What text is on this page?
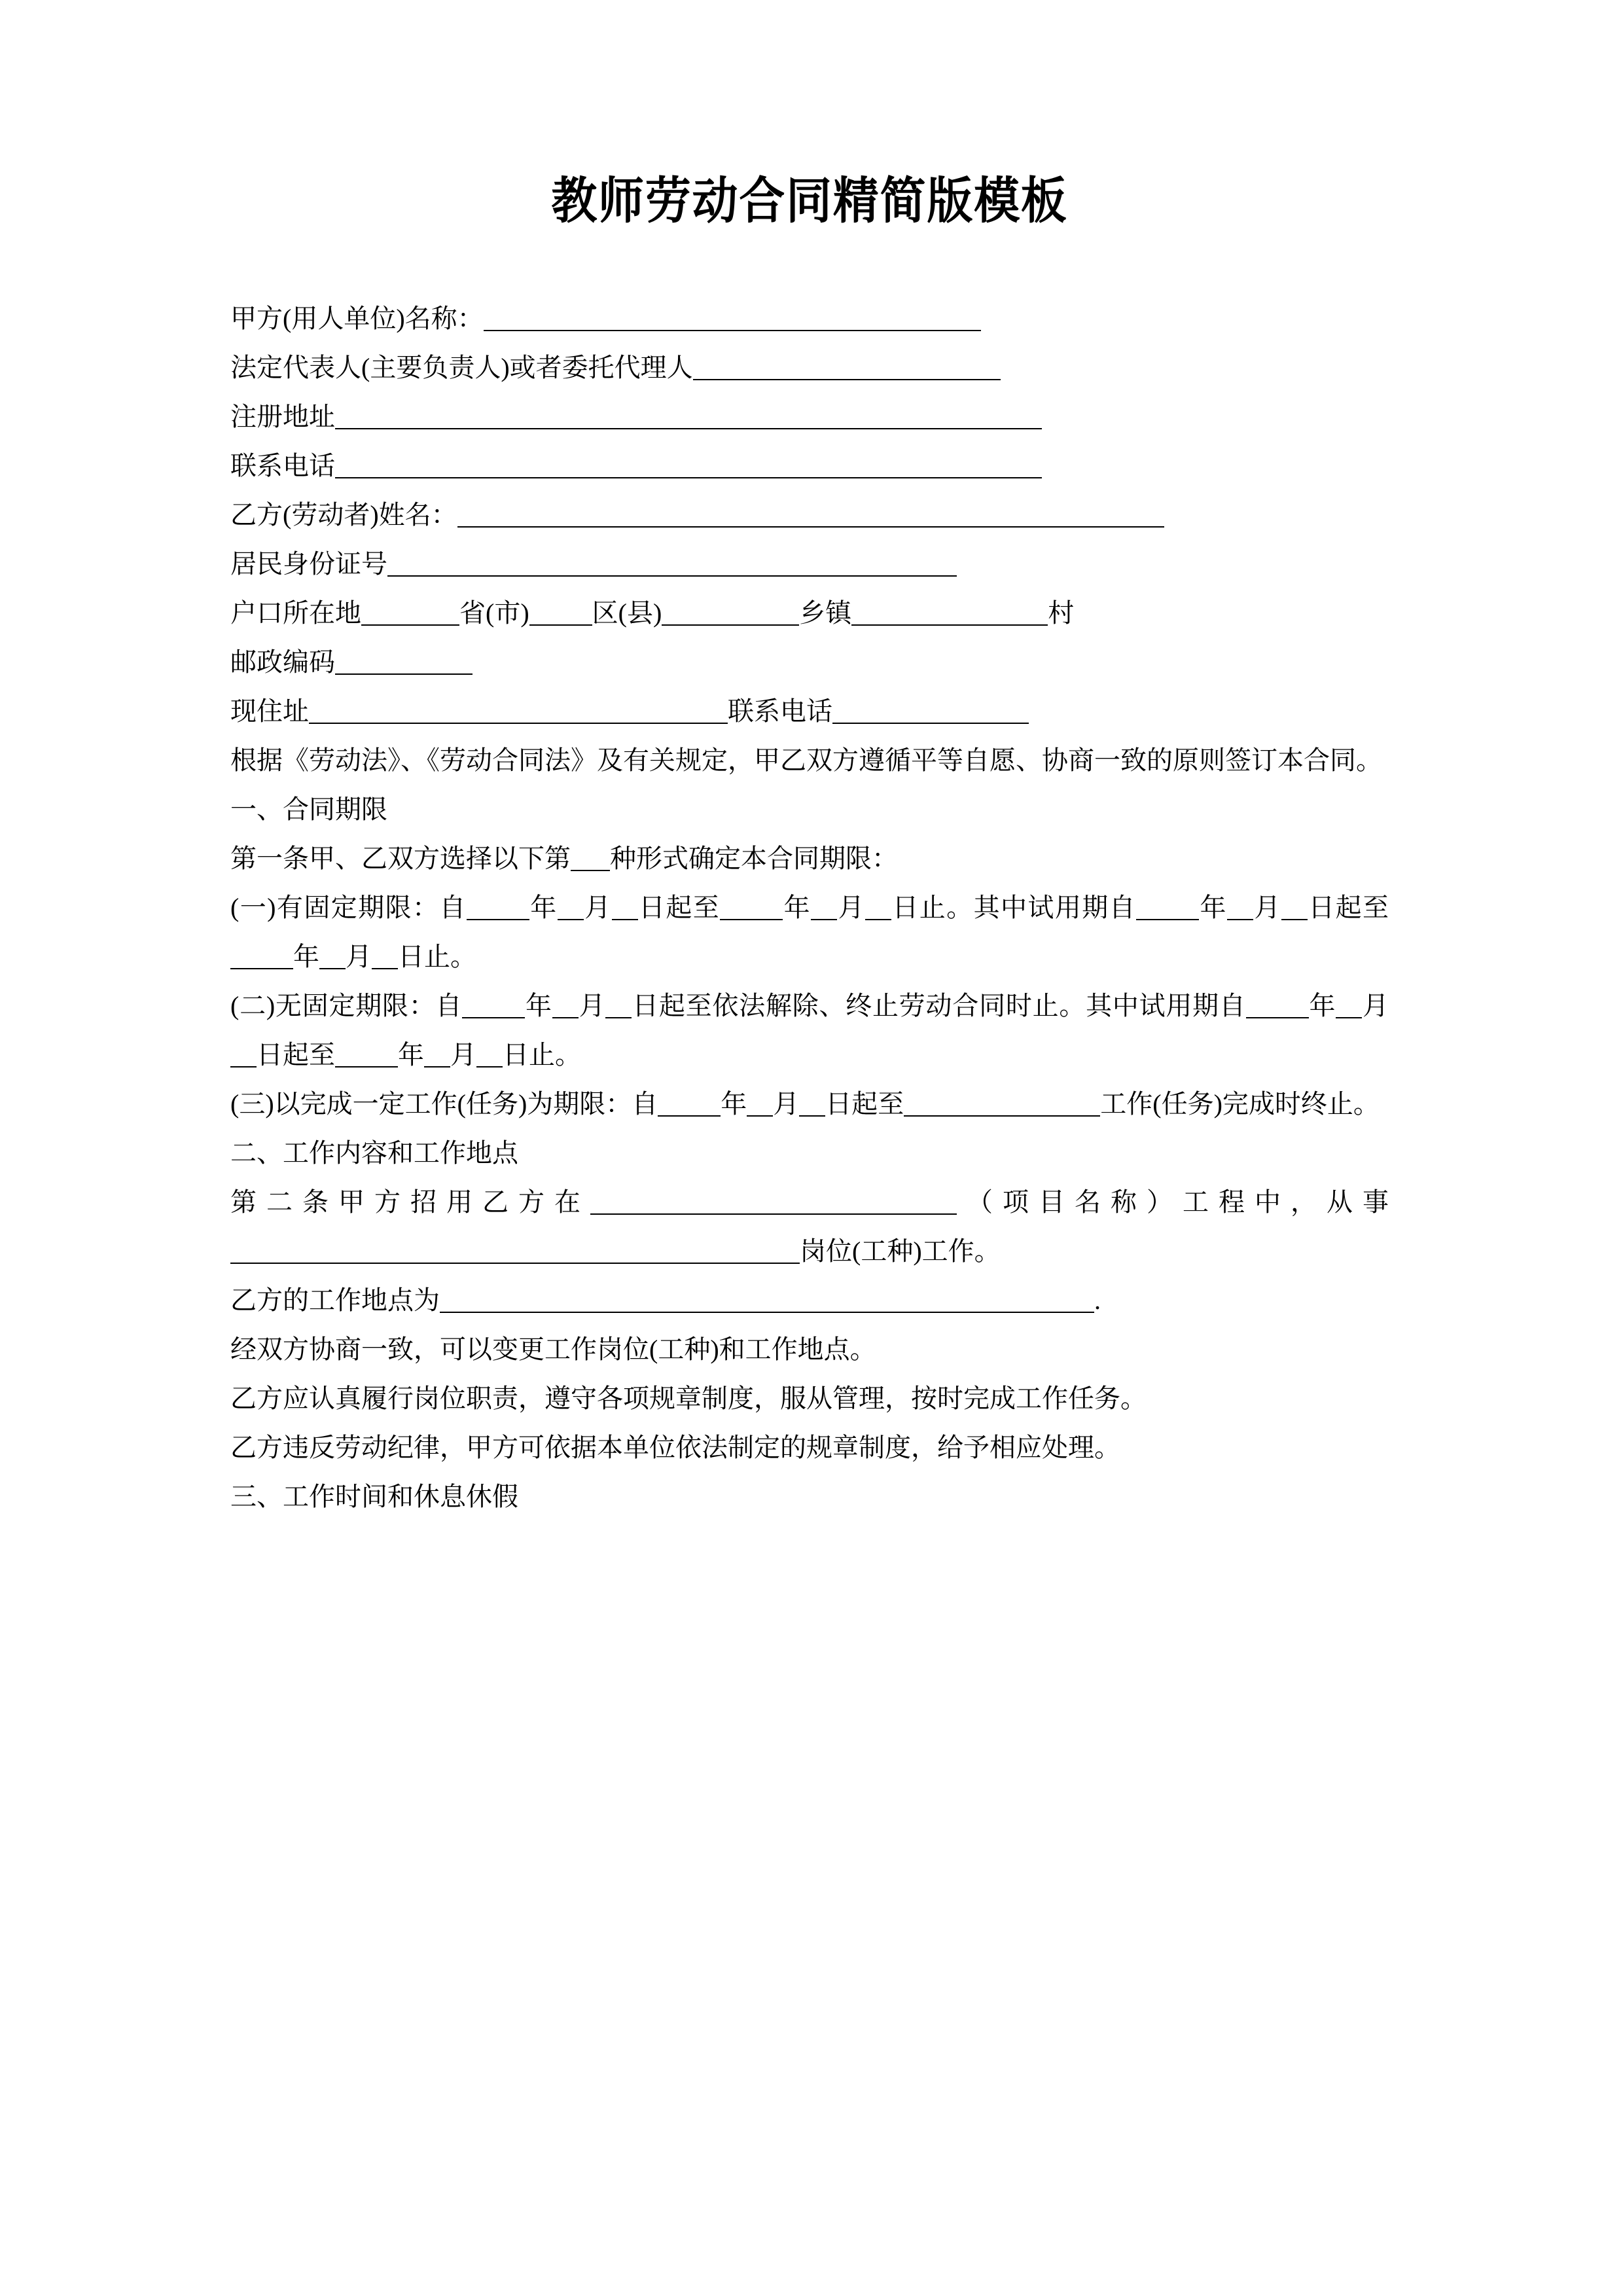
教师劳动合同精简版模板

甲方(用人单位)名称：

法定代表人(主要负责人)或者委托代理人

注册地址

联系电话

乙方(劳动者)姓名：

居民身份证号

户口所在地	省(市) 区(县)	乡镇	村

邮政编码

现住址	联系电话

根据《劳动法》、《劳动合同法》及有关规定，甲乙双方遵循平等自愿、协商一致的原则签订本合同。

一、合同期限

第一条甲、乙双方选择以下第 种形式确定本合同期限：

(一)有固定期限：自 年 月 日起至 年 月 日止。其中试用期自 年 月 日起至年 月 日止。

(二)无固定期限：自 年 月 日起至依法解除、终止劳动合同时止。其中试用期自 年 月日起至 年 月 日止。

(三)以完成一定工作(任务)为期限：自 年 月 日起至	工作(任务)完成时终止。

二、工作内容和工作地点

第二条甲方招用乙方在	（项目名称）工程中，从事岗位(工种)工作。

乙方的工作地点为	.

经双方协商一致，可以变更工作岗位(工种)和工作地点。

乙方应认真履行岗位职责，遵守各项规章制度，服从管理，按时完成工作任务。

乙方违反劳动纪律，甲方可依据本单位依法制定的规章制度，给予相应处理。

三、工作时间和休息休假
